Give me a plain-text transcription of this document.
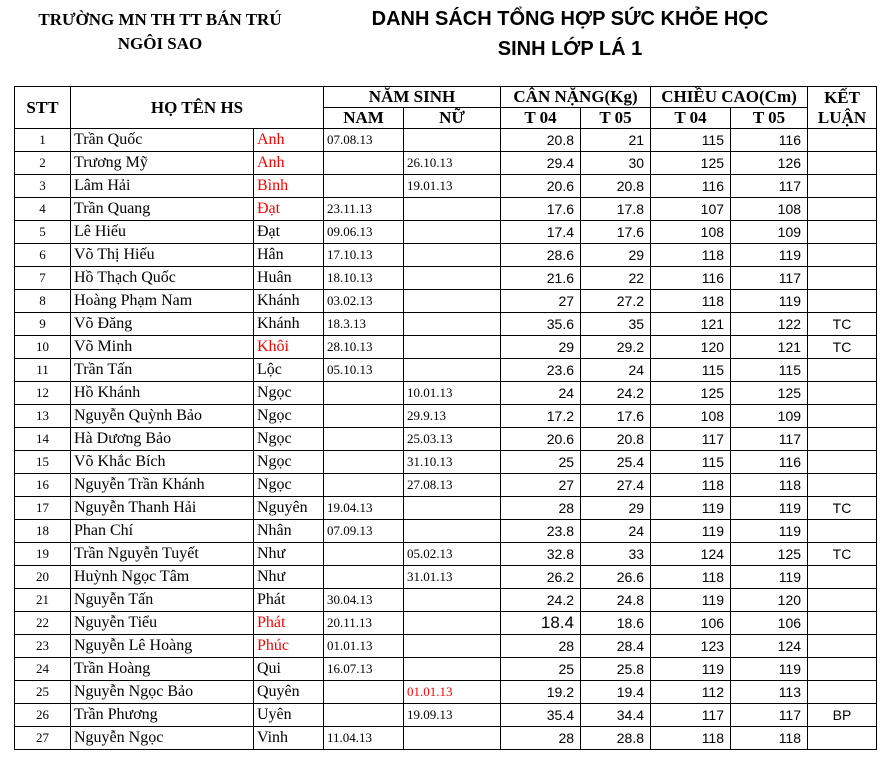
TRƯỜNG MN TH TT BÁN TRÚ
NGÔI SAO
DANH SÁCH TỔNG HỢP SỨC KHỎE HỌC
SINH LỚP LÁ 1
STT	HỌ TÊN HS		NĂM SINH		CÂN NẶNG(Kg)		CHIỀU CAO(Cm)		KẾT
LUẬN

			NAM	NỮ	T 04	T 05	T 04	T 05	
1	Trần Quốc	Anh	07.08.13		20.8	21	115	116	
2	Trương Mỹ	Anh		26.10.13	29.4	30	125	126	
3	Lâm Hải	Bình		19.01.13	20.6	20.8	116	117	
4	Trần Quang	Đạt	23.11.13		17.6	17.8	107	108	
5	Lê Hiếu	Đạt	09.06.13		17.4	17.6	108	109	
6	Võ Thị Hiếu	Hân	17.10.13		28.6	29	118	119	
7	Hồ Thạch Quốc	Huân	18.10.13		21.6	22	116	117	
8	Hoàng Phạm Nam	Khánh	03.02.13		27	27.2	118	119	
9	Võ Đăng	Khánh	18.3.13		35.6	35	121	122	TC
10	Võ Minh	Khôi	28.10.13		29	29.2	120	121	TC
11	Trần Tấn	Lộc	05.10.13		23.6	24	115	115	
12	Hồ Khánh	Ngọc		10.01.13	24	24.2	125	125	
13	Nguyễn Quỳnh Bảo	Ngọc		29.9.13	17.2	17.6	108	109	
14	Hà Dương Bảo	Ngọc		25.03.13	20.6	20.8	117	117	
15	Võ Khắc Bích	Ngọc		31.10.13	25	25.4	115	116	
16	Nguyễn Trần Khánh	Ngọc		27.08.13	27	27.4	118	118	
17	Nguyễn Thanh Hải	Nguyên	19.04.13		28	29	119	119	TC
18	Phan Chí	Nhân	07.09.13		23.8	24	119	119	
19	Trần Nguyễn Tuyết	Như		05.02.13	32.8	33	124	125	TC
20	Huỳnh Ngọc Tâm	Như		31.01.13	26.2	26.6	118	119	
21	Nguyễn Tấn	Phát	30.04.13		24.2	24.8	119	120	
22	Nguyễn Tiểu	Phát	20.11.13		18.4	18.6	106	106	
23	Nguyễn Lê Hoàng	Phúc	01.01.13		28	28.4	123	124	
24	Trần Hoàng	Qui	16.07.13		25	25.8	119	119	
25	Nguyễn Ngọc Bảo	Quyên		01.01.13	19.2	19.4	112	113	
26	Trần Phương	Uyên		19.09.13	35.4	34.4	117	117	BP
27	Nguyễn Ngọc	Vinh	11.04.13		28	28.8	118	118	
